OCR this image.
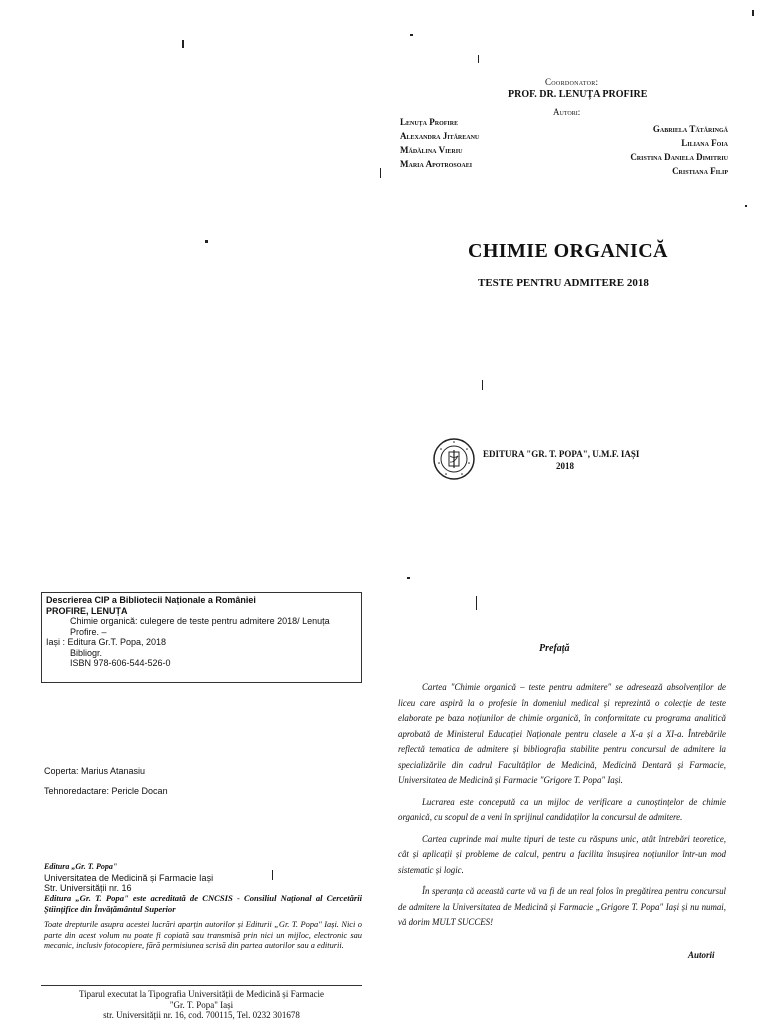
Coordonator:
PROF. DR. LENUȚA PROFIRE
Autori:
Lenuța Profire
Alexandra Jităreanu
Mădălina Vieriu
Maria Apotrosoaei
Gabriela Tătăringă
Liliana Foia
Cristina Daniela Dimitriu
Cristiana Filip
CHIMIE ORGANICĂ
TESTE PENTRU ADMITERE 2018
EDITURA "GR. T. POPA", U.M.F. IAȘI
2018
Descrierea CIP a Bibliotecii Naționale a României
PROFIRE, LENUȚA
Chimie organică: culegere de teste pentru admitere 2018/ Lenuța Profire. –
Iași : Editura Gr.T. Popa, 2018
Bibliogr.
ISBN 978-606-544-526-0
Coperta: Marius Atanasiu
Tehnoredactare: Pericle Docan
Editura „Gr. T. Popa"
Universitatea de Medicină și Farmacie Iași
Str. Universității nr. 16
Editura „Gr. T. Popa" este acreditată de CNCSIS - Consiliul Național al Cercetării Științifice din Învățământul Superior
Toate drepturile asupra acestei lucrări aparțin autorilor și Editurii „Gr. T. Popa" Iași. Nici o parte din acest volum nu poate fi copiată sau transmisă prin nici un mijloc, electronic sau mecanic, inclusiv fotocopiere, fără permisiunea scrisă din partea autorilor sau a editurii.
Tiparul executat la Tipografia Universității de Medicină și Farmacie
"Gr. T. Popa" Iași
str. Universității nr. 16, cod. 700115, Tel. 0232 301678
Prefață

Cartea "Chimie organică – teste pentru admitere" se adresează absolvenților de liceu care aspiră la o profesie în domeniul medical și reprezintă o colecție de teste elaborate pe baza noțiunilor de chimie organică, în conformitate cu programa analitică aprobată de Ministerul Educației Naționale pentru clasele a X-a și a XI-a. Întrebările reflectă tematica de admitere și bibliografia stabilite pentru concursul de admitere la specializările din cadrul Facultăților de Medicină, Medicină Dentară și Farmacie, Universitatea de Medicină și Farmacie "Grigore T. Popa" Iași.

Lucrarea este concepută ca un mijloc de verificare a cunoștințelor de chimie organică, cu scopul de a veni în sprijinul candidaților la concursul de admitere.

Cartea cuprinde mai multe tipuri de teste cu răspuns unic, atât întrebări teoretice, cât și aplicații și probleme de calcul, pentru a facilita însușirea noțiunilor într-un mod sistematic și logic.

În speranța că această carte vă va fi de un real folos în pregătirea pentru concursul de admitere la Universitatea de Medicină și Farmacie „Grigore T. Popa" Iași și nu numai, vă dorim MULT SUCCES!

Autorii
